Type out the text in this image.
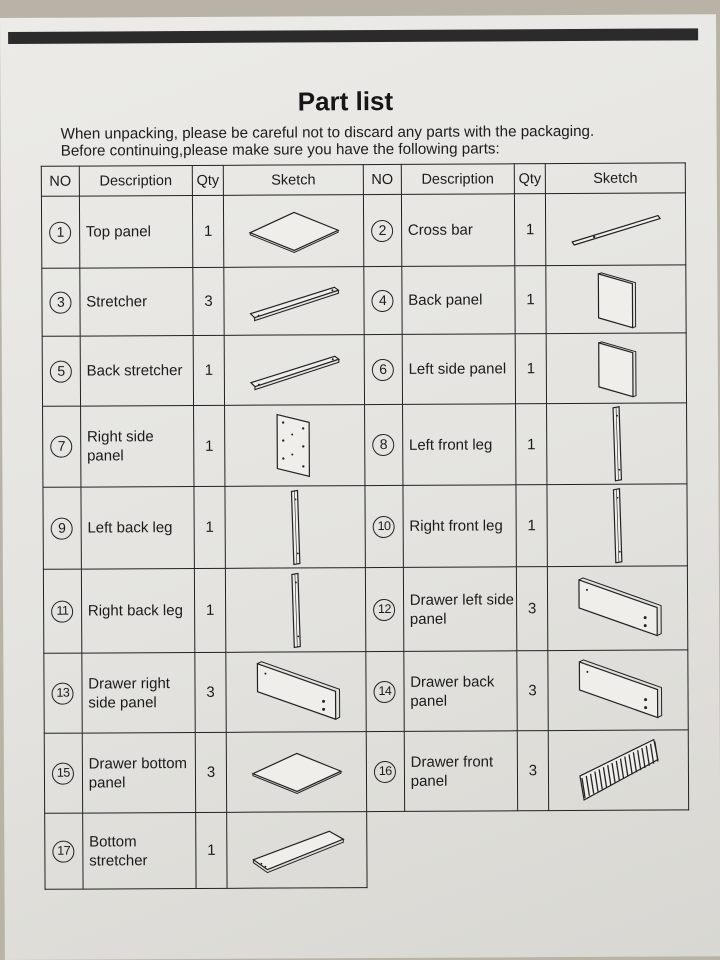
Part list
When unpacking, please be careful not to discard any parts with the packaging.
Before continuing,please make sure you have the following parts:
NO	Description	Qty	Sketch	NO	Description	Qty	Sketch
1	Top panel	1		2	Cross bar	1	

3	Stretcher	3		4	Back panel	1	

5	Back stretcher	1		6	Left side panel	1	

7	Right side panel	1		8	Left front leg	1	

9	Left back leg	1		10	Right front leg	1	

11	Right back leg	1		12	Drawer left side panel	3	

13	Drawer right side panel	3		14	Drawer back panel	3	

15	Drawer bottom panel	3		16	Drawer front panel	3	

17	Bottom stretcher	1	
